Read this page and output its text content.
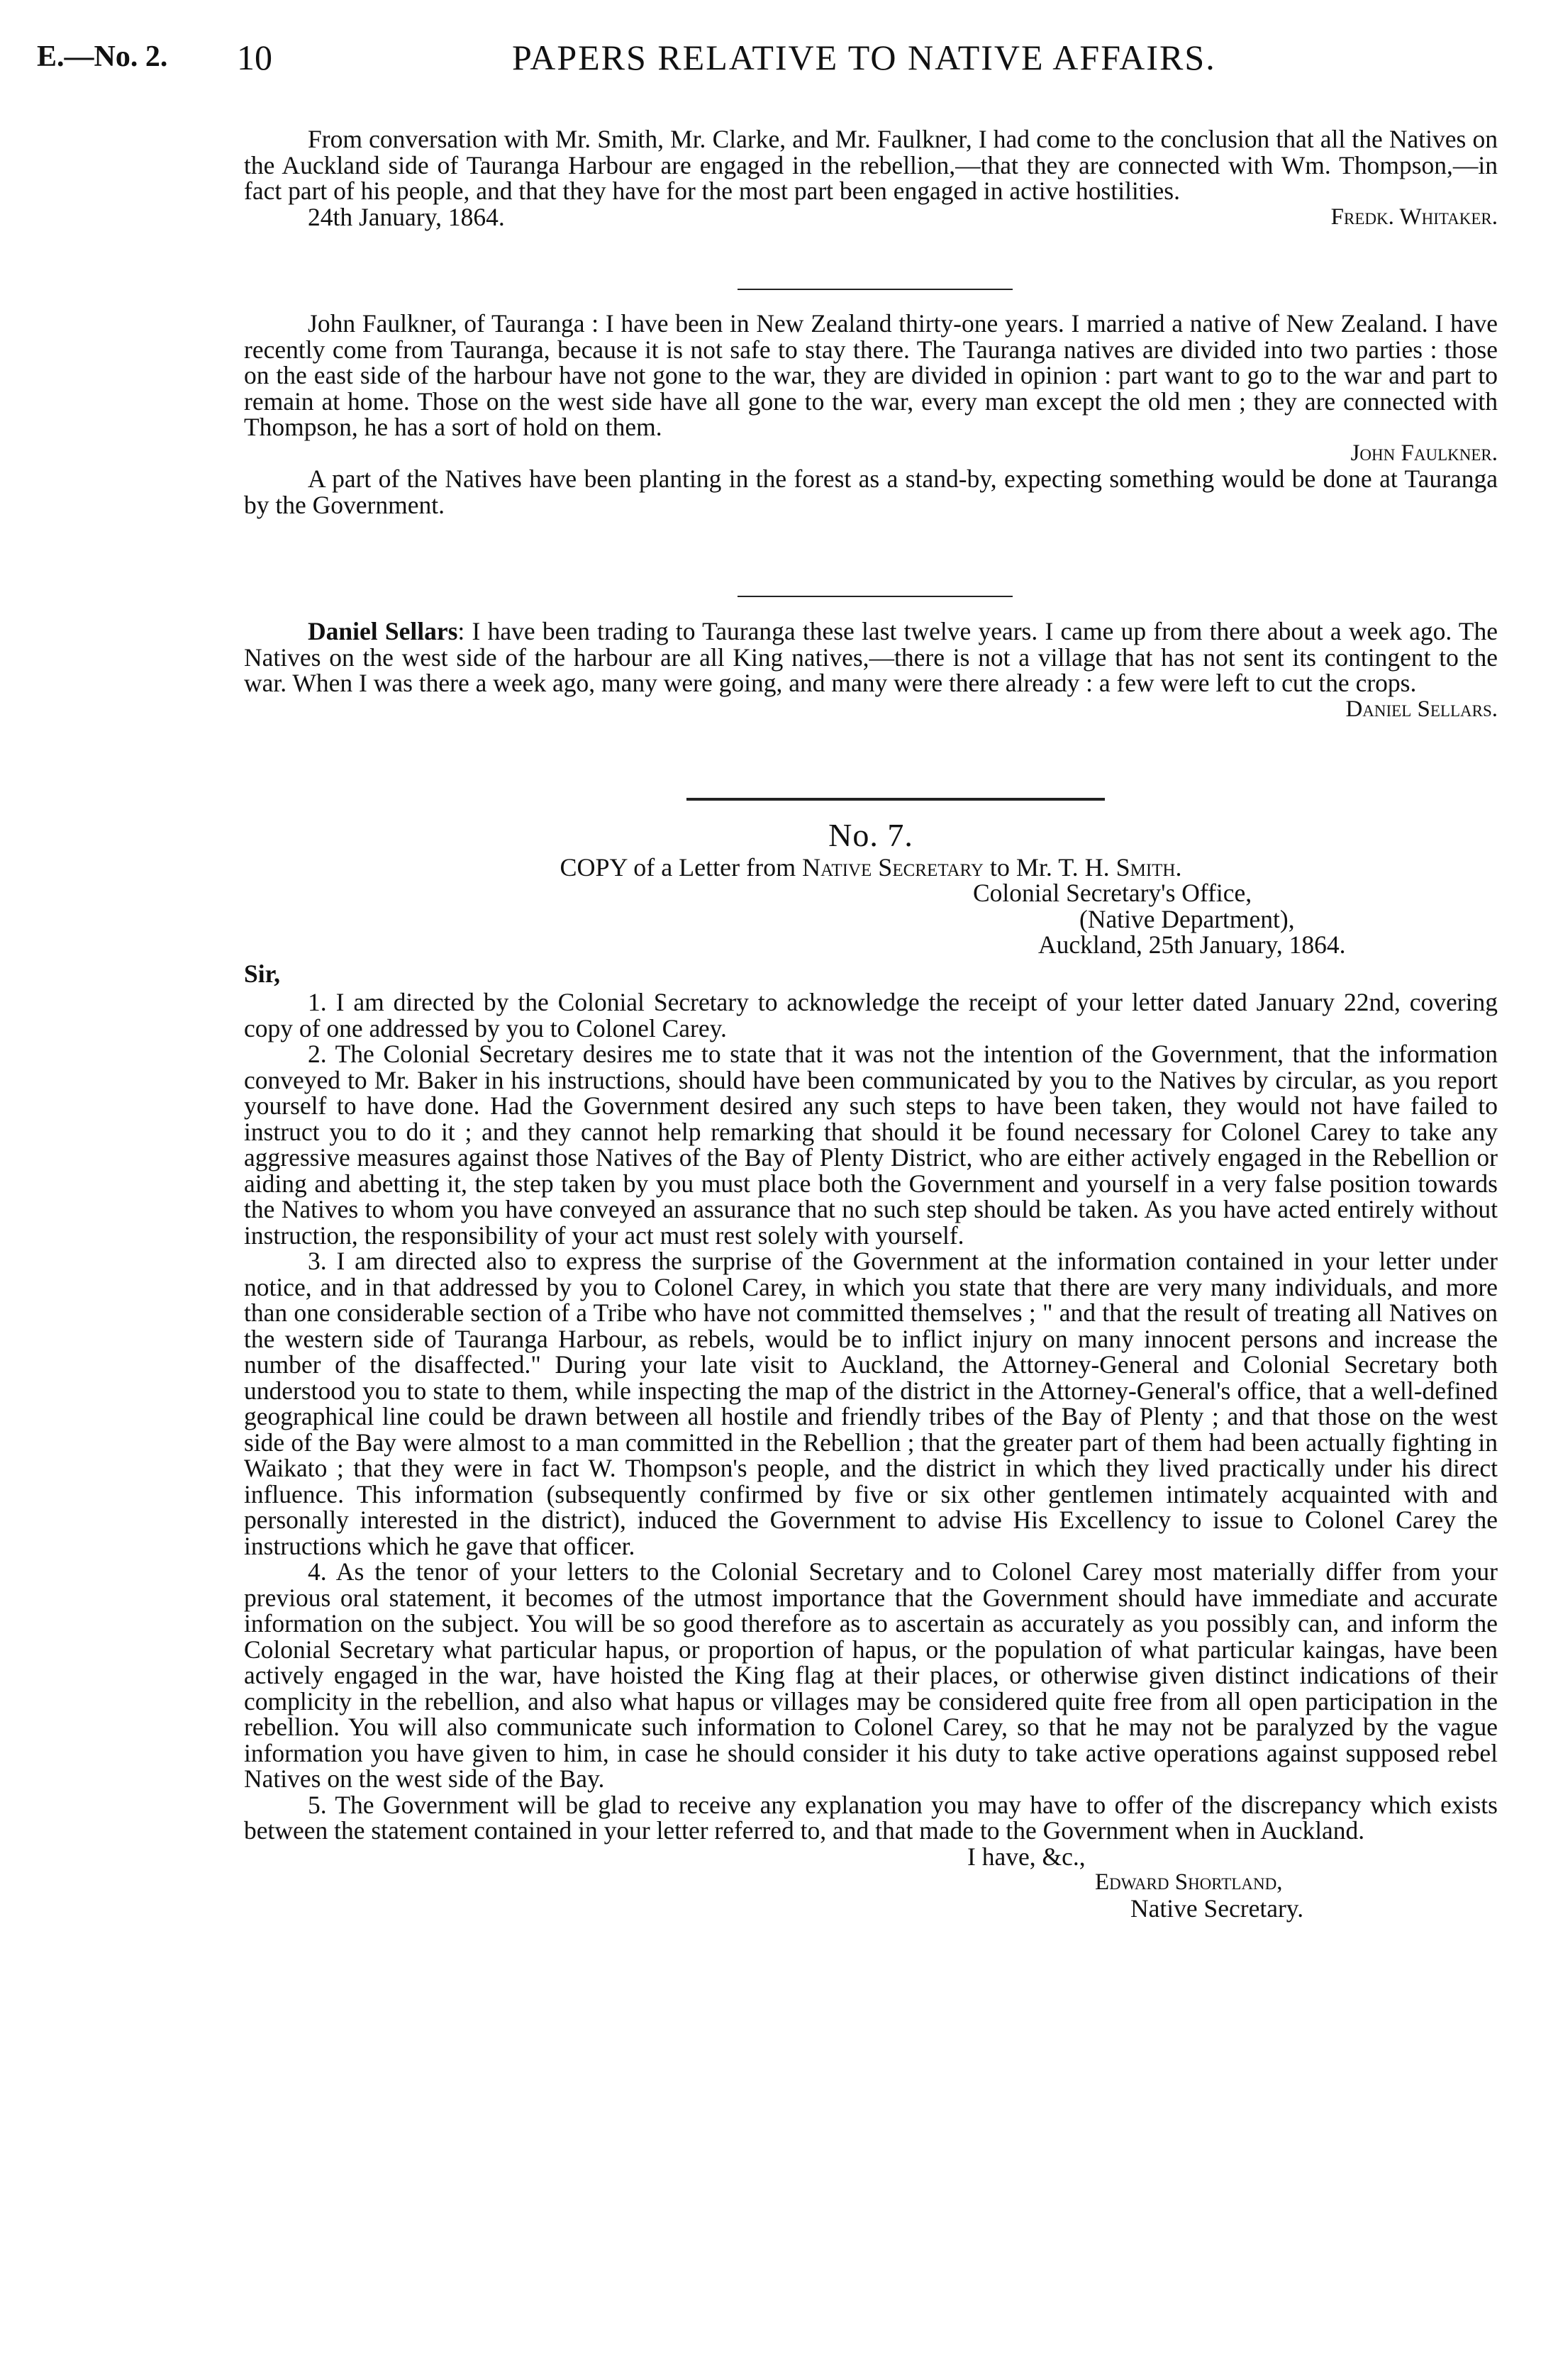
E.—No. 2. 10	PAPERS RELATIVE TO NATIVE AFFAIRS.

From conversation with Mr. Smith, Mr. Clarke, and Mr. Faulkner, I had come to the conclusion that all the Natives on the Auckland side of Tauranga Harbour are engaged in the rebellion,—that they are connected with Wm. Thompson,—in fact part of his people, and that they have for the most part been engaged in active hostilities.

24th January, 1864.	Fredk. Whitaker.

John Faulkner, of Tauranga : I have been in New Zealand thirty-one years. I married a native of New Zealand. I have recently come from Tauranga, because it is not safe to stay there. The Tauranga natives are divided into two parties : those on the east side of the harbour have not gone to the war, they are divided in opinion : part want to go to the war and part to remain at home. Those on the west side have all gone to the war, every man except the old men ; they are connected with Thompson, he has a sort of hold on them.

John Faulkner.

A part of the Natives have been planting in the forest as a stand-by, expecting something would be done at Tauranga by the Government.

Daniel Sellars: I have been trading to Tauranga these last twelve years. I came up from there about a week ago. The Natives on the west side of the harbour are all King natives,—there is not a village that has not sent its contingent to the war. When I was there a week ago, many were going, and many were there already : a few were left to cut the crops.

Daniel Sellars.

No. 7.

COPY of a Letter from Native Secretary to Mr. T. H. Smith.

Colonial Secretary's Office,
(Native Department),
Auckland, 25th January, 1864.

Sir,

1. I am directed by the Colonial Secretary to acknowledge the receipt of your letter dated January 22nd, covering copy of one addressed by you to Colonel Carey.

2. The Colonial Secretary desires me to state that it was not the intention of the Government, that the information conveyed to Mr. Baker in his instructions, should have been communicated by you to the Natives by circular, as you report yourself to have done. Had the Government desired any such steps to have been taken, they would not have failed to instruct you to do it ; and they cannot help remarking that should it be found necessary for Colonel Carey to take any aggressive measures against those Natives of the Bay of Plenty District, who are either actively engaged in the Rebellion or aiding and abetting it, the step taken by you must place both the Government and yourself in a very false position towards the Natives to whom you have conveyed an assurance that no such step should be taken. As you have acted entirely without instruction, the responsibility of your act must rest solely with yourself.

3. I am directed also to express the surprise of the Government at the information contained in your letter under notice, and in that addressed by you to Colonel Carey, in which you state that there are very many individuals, and more than one considerable section of a Tribe who have not committed themselves ; " and that the result of treating all Natives on the western side of Tauranga Harbour, as rebels, would be to inflict injury on many innocent persons and increase the number of the disaffected." During your late visit to Auckland, the Attorney-General and Colonial Secretary both understood you to state to them, while inspecting the map of the district in the Attorney-General's office, that a well-defined geographical line could be drawn between all hostile and friendly tribes of the Bay of Plenty ; and that those on the west side of the Bay were almost to a man committed in the Rebellion ; that the greater part of them had been actually fighting in Waikato ; that they were in fact W. Thompson's people, and the district in which they lived practically under his direct influence. This information (subsequently confirmed by five or six other gentlemen intimately acquainted with and personally interested in the district), induced the Government to advise His Excellency to issue to Colonel Carey the instructions which he gave that officer.

4. As the tenor of your letters to the Colonial Secretary and to Colonel Carey most materially differ from your previous oral statement, it becomes of the utmost importance that the Government should have immediate and accurate information on the subject. You will be so good therefore as to ascertain as accurately as you possibly can, and inform the Colonial Secretary what particular hapus, or proportion of hapus, or the population of what particular kaingas, have been actively engaged in the war, have hoisted the King flag at their places, or otherwise given distinct indications of their complicity in the rebellion, and also what hapus or villages may be considered quite free from all open participation in the rebellion. You will also communicate such information to Colonel Carey, so that he may not be paralyzed by the vague information you have given to him, in case he should consider it his duty to take active operations against supposed rebel Natives on the west side of the Bay.

5. The Government will be glad to receive any explanation you may have to offer of the discrepancy which exists between the statement contained in your letter referred to, and that made to the Government when in Auckland.

I have, &c.,
Edward Shortland,
Native Secretary.
